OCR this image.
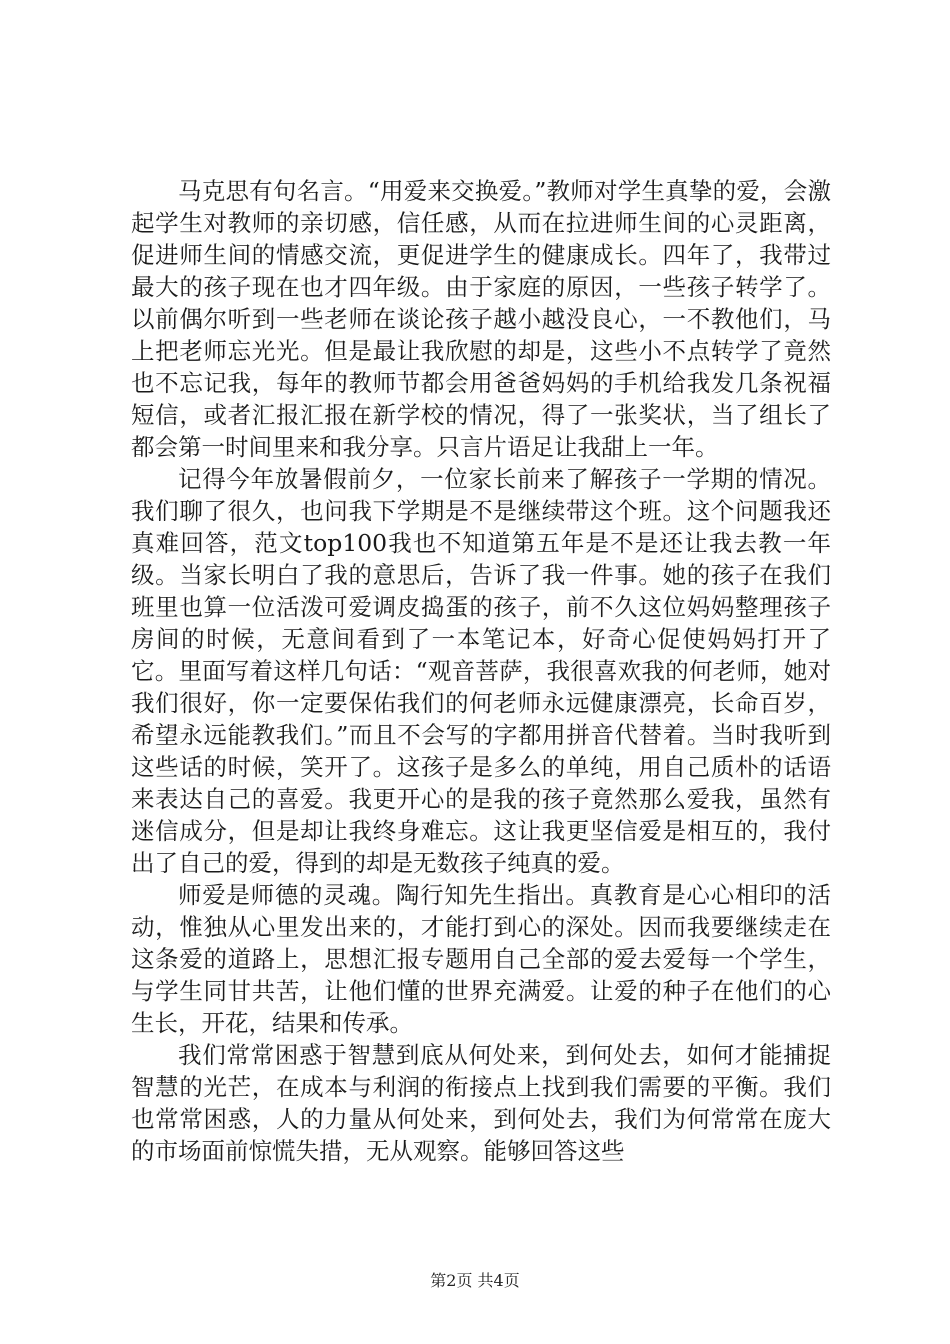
马克思有句名言。“用爱来交换爱。”教师对学生真挚的爱，会激起学生对教师的亲切感，信任感，从而在拉进师生间的心灵距离，促进师生间的情感交流，更促进学生的健康成长。四年了，我带过最大的孩子现在也才四年级。由于家庭的原因，一些孩子转学了。以前偶尔听到一些老师在谈论孩子越小越没良心，一不教他们，马上把老师忘光光。但是最让我欣慰的却是，这些小不点转学了竟然也不忘记我，每年的教师节都会用爸爸妈妈的手机给我发几条祝福短信，或者汇报汇报在新学校的情况，得了一张奖状，当了组长了都会第一时间里来和我分享。只言片语足让我甜上一年。

记得今年放暑假前夕，一位家长前来了解孩子一学期的情况。我们聊了很久，也问我下学期是不是继续带这个班。这个问题我还真难回答，范文top100我也不知道第五年是不是还让我去教一年级。当家长明白了我的意思后，告诉了我一件事。她的孩子在我们班里也算一位活泼可爱调皮捣蛋的孩子，前不久这位妈妈整理孩子房间的时候，无意间看到了一本笔记本，好奇心促使妈妈打开了它。里面写着这样几句话：“观音菩萨，我很喜欢我的何老师，她对我们很好，你一定要保佑我们的何老师永远健康漂亮，长命百岁，希望永远能教我们。”而且不会写的字都用拼音代替着。当时我听到这些话的时候，笑开了。这孩子是多么的单纯，用自己质朴的话语来表达自己的喜爱。我更开心的是我的孩子竟然那么爱我，虽然有迷信成分，但是却让我终身难忘。这让我更坚信爱是相互的，我付出了自己的爱，得到的却是无数孩子纯真的爱。

师爱是师德的灵魂。陶行知先生指出。真教育是心心相印的活动，惟独从心里发出来的，才能打到心的深处。因而我要继续走在这条爱的道路上，思想汇报专题用自己全部的爱去爱每一个学生，与学生同甘共苦，让他们懂的世界充满爱。让爱的种子在他们的心生长，开花，结果和传承。

我们常常困惑于智慧到底从何处来，到何处去，如何才能捕捉智慧的光芒，在成本与利润的衔接点上找到我们需要的平衡。我们也常常困惑，人的力量从何处来，到何处去，我们为何常常在庞大的市场面前惊慌失措，无从观察。能够回答这些

第2页 共4页
